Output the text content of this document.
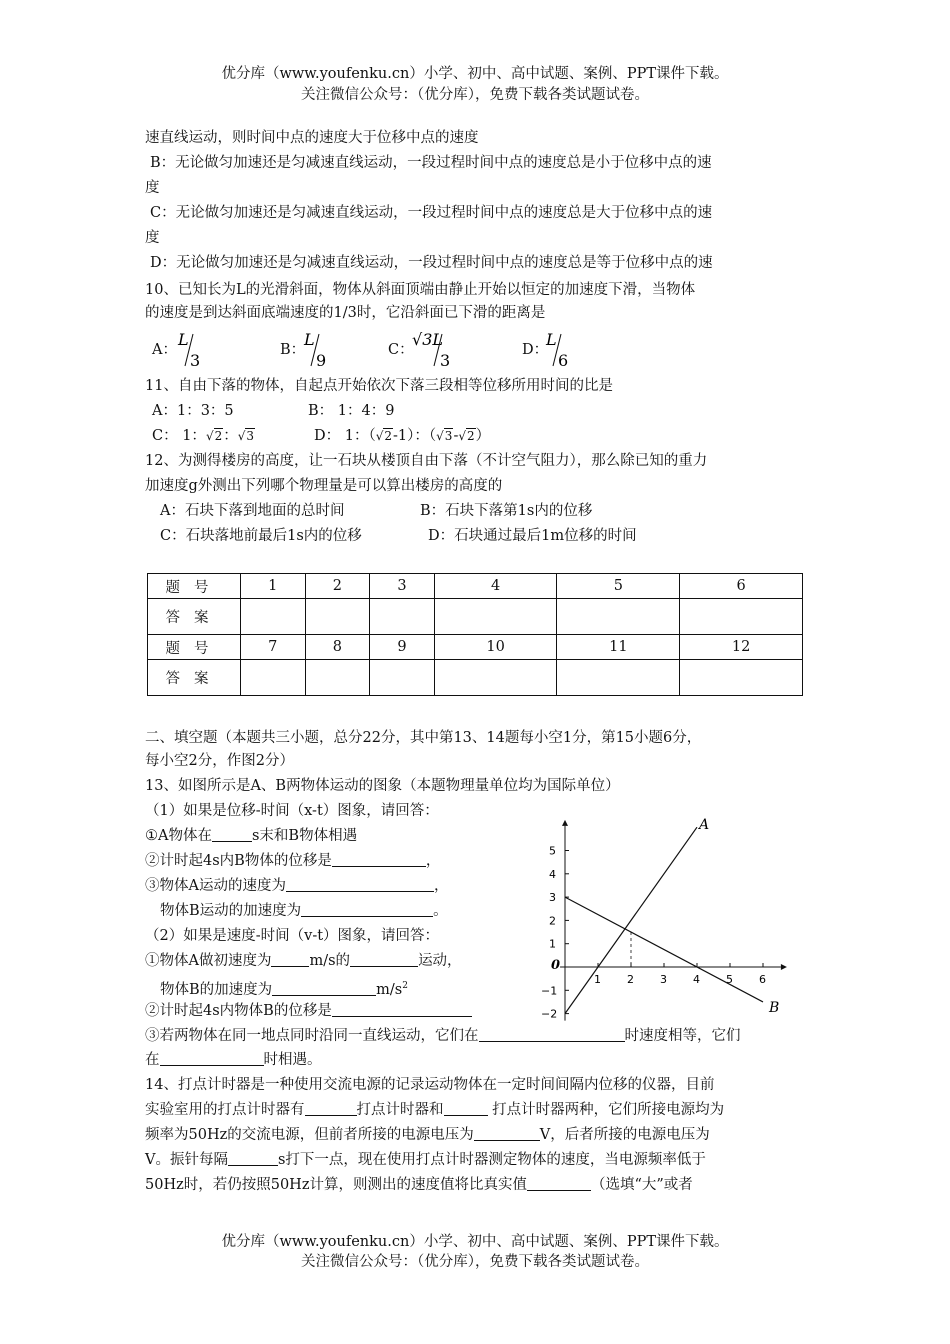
优分库（www.youfenku.cn）小学、初中、高中试题、案例、PPT课件下载。
关注微信公众号：（优分库），免费下载各类试题试卷。
速直线运动，则时间中点的速度大于位移中点的速度
B：无论做匀加速还是匀减速直线运动，一段过程时间中点的速度总是小于位移中点的速
度
C：无论做匀加速还是匀减速直线运动，一段过程时间中点的速度总是大于位移中点的速
度
D：无论做匀加速还是匀减速直线运动，一段过程时间中点的速度总是等于位移中点的速
10、已知长为L的光滑斜面，物体从斜面顶端由静止开始以恒定的加速度下滑，当物体
的速度是到达斜面底端速度的1/3时，它沿斜面已下滑的距离是
A：
L
3
B：
L
9
C：
√3L
3
D：
L
6
11、自由下落的物体，自起点开始依次下落三段相等位移所用时间的比是
A：1：3：5	B： 1：4：9
C： 1：√2：√3	D： 1：（√2-1）：（√3-√2）
12、为测得楼房的高度，让一石块从楼顶自由下落（不计空气阻力），那么除已知的重力
加速度g外测出下列哪个物理量是可以算出楼房的高度的
A：石块下落到地面的总时间	B：石块下落第1s内的位移
C：石块落地前最后1s内的位移	D：石块通过最后1m位移的时间
题号	1	2	3	4	5	6
答案						
题号	7	8	9	10	11	12
答案						
二、填空题（本题共三小题，总分22分，其中第13、14题每小空1分，第15小题6分，
每小空2分，作图2分）
13、如图所示是A、B两物体运动的图象（本题物理量单位均为国际单位）
（1）如果是位移-时间（x-t）图象，请回答：
①A物体在	s末和B物体相遇
②计时起4s内B物体的位移是	，
③物体A运动的速度为	，
物体B运动的加速度为	。
（2）如果是速度-时间（v-t）图象，请回答：
①物体A做初速度为	m/s的	运动，
物体B的加速度为	$m/s^2$
②计时起4s内物体B的位移是
③若两物体在同一地点同时沿同一直线运动，它们在	时速度相等，它们
在	时相遇。
1 2 3 4 5 6
5
4
3
2
1
−1
−2
0
A
B
14、打点计时器是一种使用交流电源的记录运动物体在一定时间间隔内位移的仪器，目前
实验室用的打点计时器有	打点计时器和	打点计时器两种，它们所接电源均为
频率为50Hz的交流电源，但前者所接的电源电压为	V，后者所接的电源电压为
V。振针每隔	s打下一点，现在使用打点计时器测定物体的速度，当电源频率低于
50Hz时，若仍按照50Hz计算，则测出的速度值将比真实值	（选填“大”或者
优分库（www.youfenku.cn）小学、初中、高中试题、案例、PPT课件下载。
关注微信公众号：（优分库），免费下载各类试题试卷。
